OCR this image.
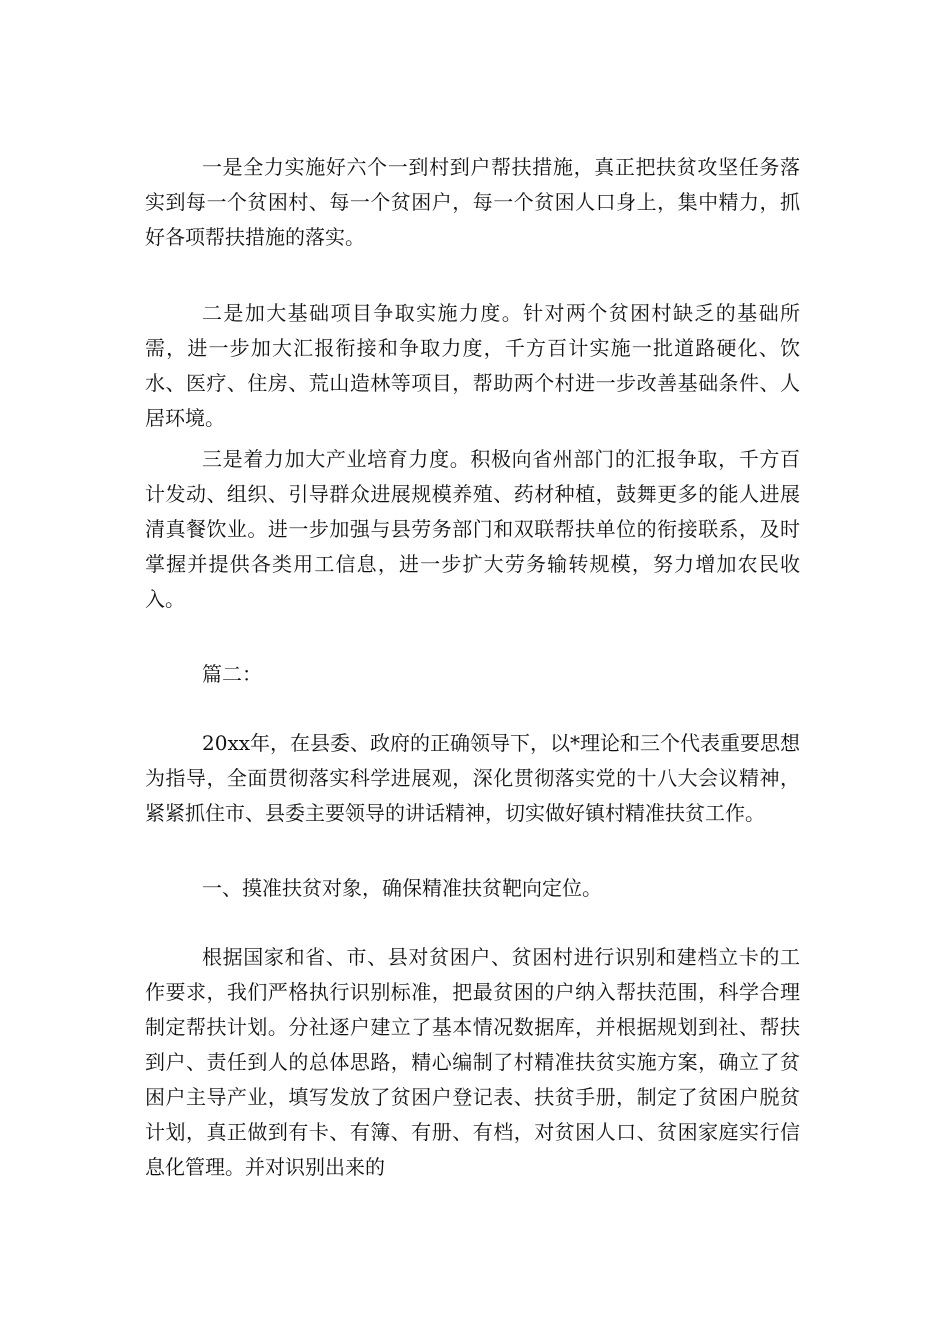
一是全力实施好六个一到村到户帮扶措施，真正把扶贫攻坚任务落实到每一个贫困村、每一个贫困户，每一个贫困人口身上，集中精力，抓好各项帮扶措施的落实。

二是加大基础项目争取实施力度。针对两个贫困村缺乏的基础所需，进一步加大汇报衔接和争取力度，千方百计实施一批道路硬化、饮水、医疗、住房、荒山造林等项目，帮助两个村进一步改善基础条件、人居环境。

三是着力加大产业培育力度。积极向省州部门的汇报争取，千方百计发动、组织、引导群众进展规模养殖、药材种植，鼓舞更多的能人进展清真餐饮业。进一步加强与县劳务部门和双联帮扶单位的衔接联系，及时掌握并提供各类用工信息，进一步扩大劳务输转规模，努力增加农民收入。

篇二：

20xx年，在县委、政府的正确领导下，以*理论和三个代表重要思想为指导，全面贯彻落实科学进展观，深化贯彻落实党的十八大会议精神，紧紧抓住市、县委主要领导的讲话精神，切实做好镇村精准扶贫工作。

一、摸准扶贫对象，确保精准扶贫靶向定位。

根据国家和省、市、县对贫困户、贫困村进行识别和建档立卡的工作要求，我们严格执行识别标准，把最贫困的户纳入帮扶范围，科学合理制定帮扶计划。分社逐户建立了基本情况数据库，并根据规划到社、帮扶到户、责任到人的总体思路，精心编制了村精准扶贫实施方案，确立了贫困户主导产业，填写发放了贫困户登记表、扶贫手册，制定了贫困户脱贫计划，真正做到有卡、有簿、有册、有档，对贫困人口、贫困家庭实行信息化管理。并对识别出来的
